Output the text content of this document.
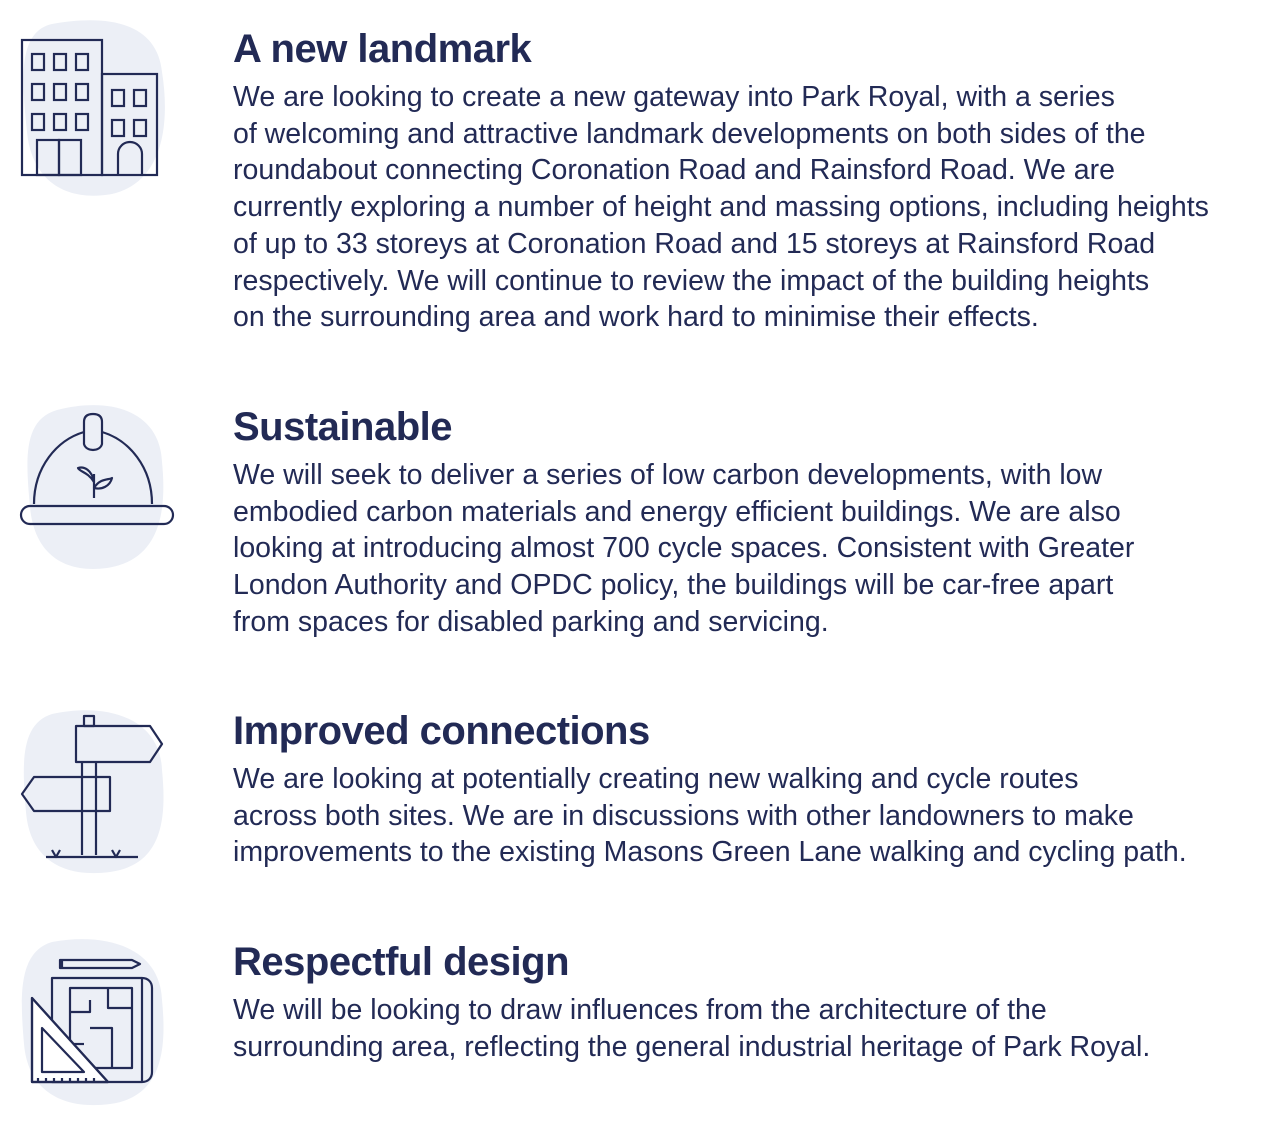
A new landmark

We are looking to create a new gateway into Park Royal, with a series
of welcoming and attractive landmark developments on both sides of the
roundabout connecting Coronation Road and Rainsford Road. We are
currently exploring a number of height and massing options, including heights
of up to 33 storeys at Coronation Road and 15 storeys at Rainsford Road
respectively. We will continue to review the impact of the building heights
on the surrounding area and work hard to minimise their effects.

Sustainable

We will seek to deliver a series of low carbon developments, with low
embodied carbon materials and energy efficient buildings. We are also
looking at introducing almost 700 cycle spaces. Consistent with Greater
London Authority and OPDC policy, the buildings will be car-free apart
from spaces for disabled parking and servicing.

Improved connections

We are looking at potentially creating new walking and cycle routes
across both sites. We are in discussions with other landowners to make
improvements to the existing Masons Green Lane walking and cycling path.

Respectful design

We will be looking to draw influences from the architecture of the
surrounding area, reflecting the general industrial heritage of Park Royal.
